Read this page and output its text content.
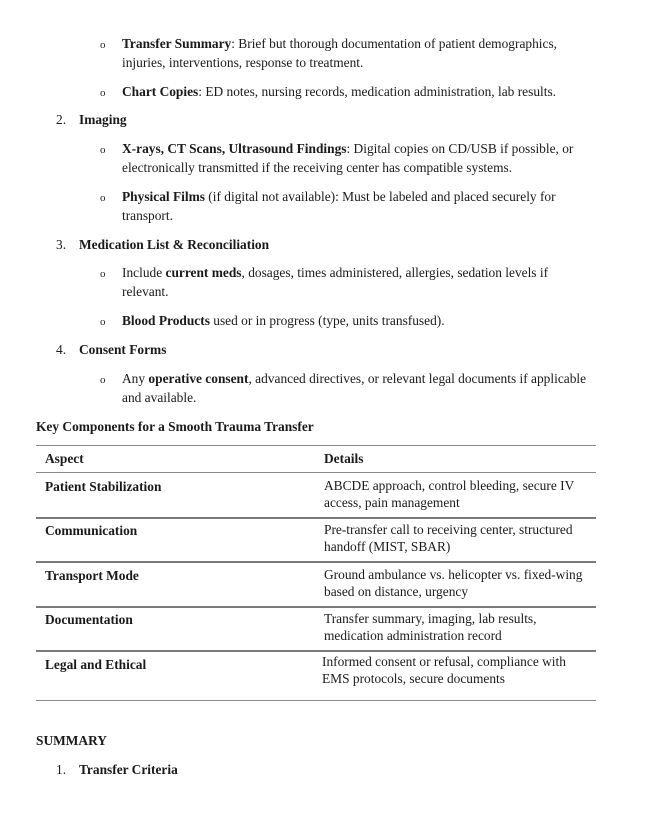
o	Transfer Summary: Brief but thorough documentation of patient demographics, injuries, interventions, response to treatment.
o	Chart Copies: ED notes, nursing records, medication administration, lab results.
2. Imaging
o	X-rays, CT Scans, Ultrasound Findings: Digital copies on CD/USB if possible, or electronically transmitted if the receiving center has compatible systems.
o	Physical Films (if digital not available): Must be labeled and placed securely for transport.
3. Medication List & Reconciliation
o	Include current meds, dosages, times administered, allergies, sedation levels if relevant.
o	Blood Products used or in progress (type, units transfused).
4. Consent Forms
o	Any operative consent, advanced directives, or relevant legal documents if applicable and available.
Key Components for a Smooth Trauma Transfer
Aspect	Details
Patient Stabilization	ABCDE approach, control bleeding, secure IV access, pain management
Communication	Pre-transfer call to receiving center, structured handoff (MIST, SBAR)
Transport Mode	Ground ambulance vs. helicopter vs. fixed-wing based on distance, urgency
Documentation	Transfer summary, imaging, lab results, medication administration record
Legal and Ethical	Informed consent or refusal, compliance with EMS protocols, secure documents
SUMMARY
1. Transfer Criteria
